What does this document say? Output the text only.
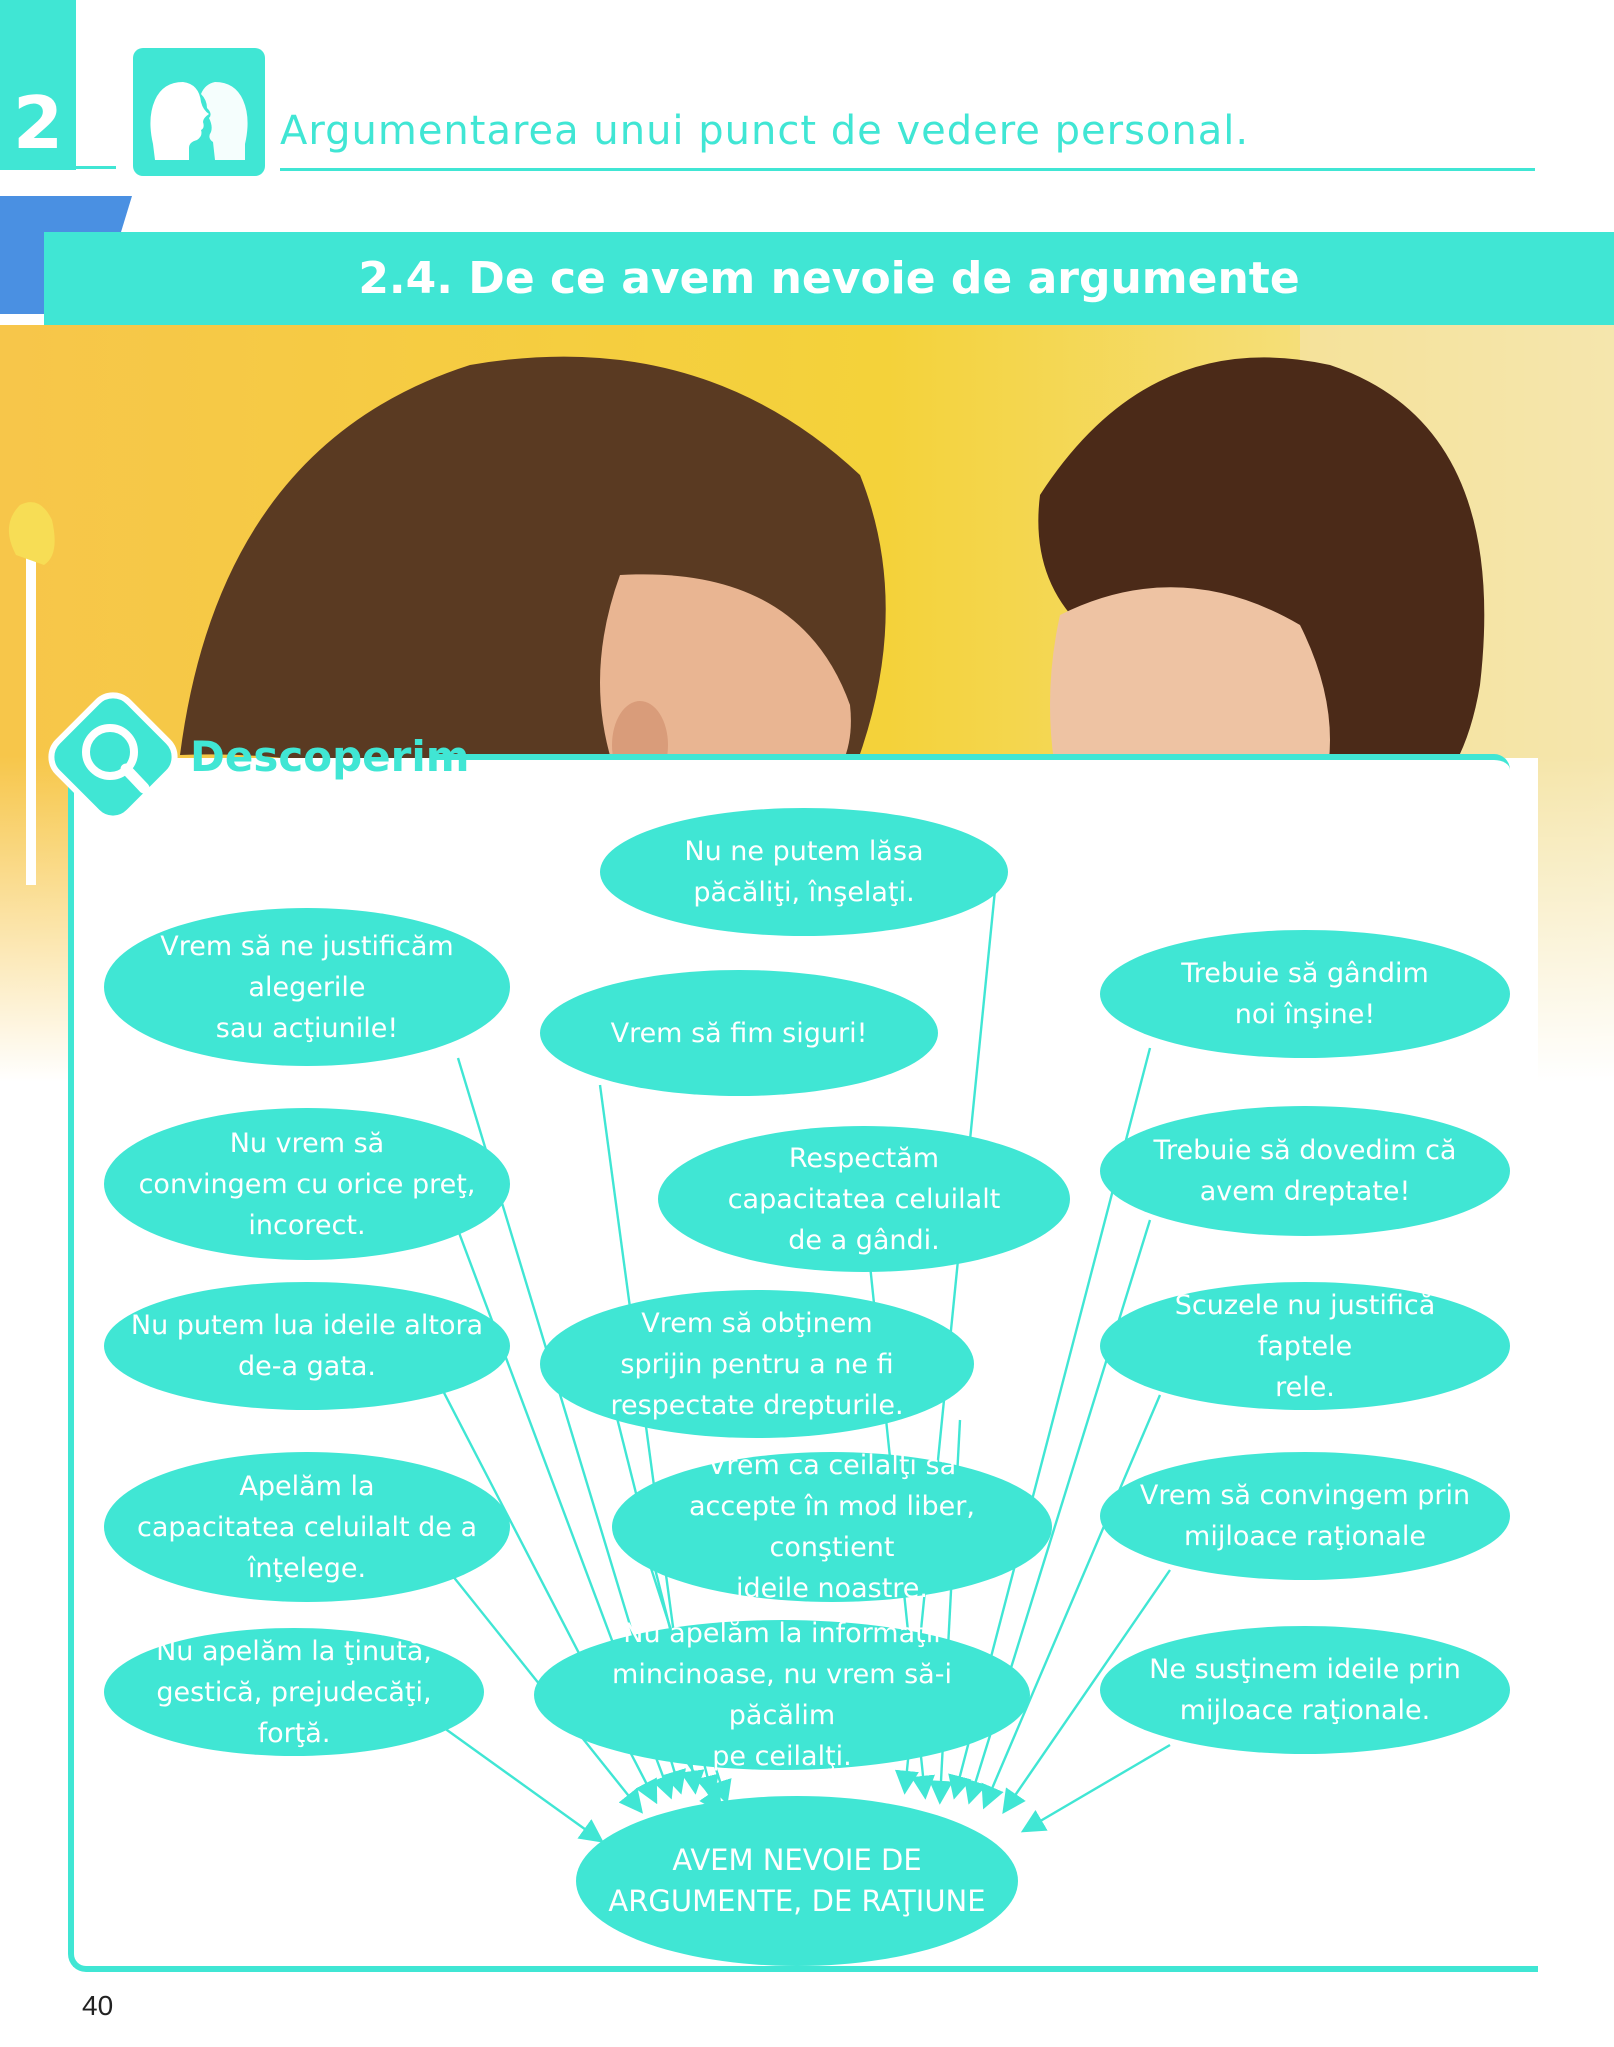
2	Argumentarea unui punct de vedere personal.
2.4. De ce avem nevoie de argumente
Descoperim
Nu ne putem lăsa
păcăliţi, înşelaţi.
Vrem să ne justificăm
alegerile
sau acţiunile!	Vrem să fim siguri!
Trebuie să gândim
noi înşine!
Nu vrem să
convingem cu orice preţ,
incorect.
Respectăm
capacitatea celuilalt
de a gândi.
Trebuie să dovedim că
avem dreptate!
Nu putem lua ideile altora
de-a gata.
Vrem să obţinem
sprijin pentru a ne fi
respectate drepturile.
Scuzele nu justifică faptele
rele.
Apelăm la
capacitatea celuilalt de a
înţelege.
Vrem ca ceilalţi să
accepte în mod liber, conştient
ideile noastre.
Vrem să convingem prin
mijloace raţionale
Nu apelăm la ţinută,
gestică, prejudecăţi, forţă.
Nu apelăm la informaţii
mincinoase, nu vrem să-i păcălim
pe ceilalţi.
Ne susţinem ideile prin
mijloace raţionale.
AVEM NEVOIE DE
ARGUMENTE, DE RAŢIUNE
40
